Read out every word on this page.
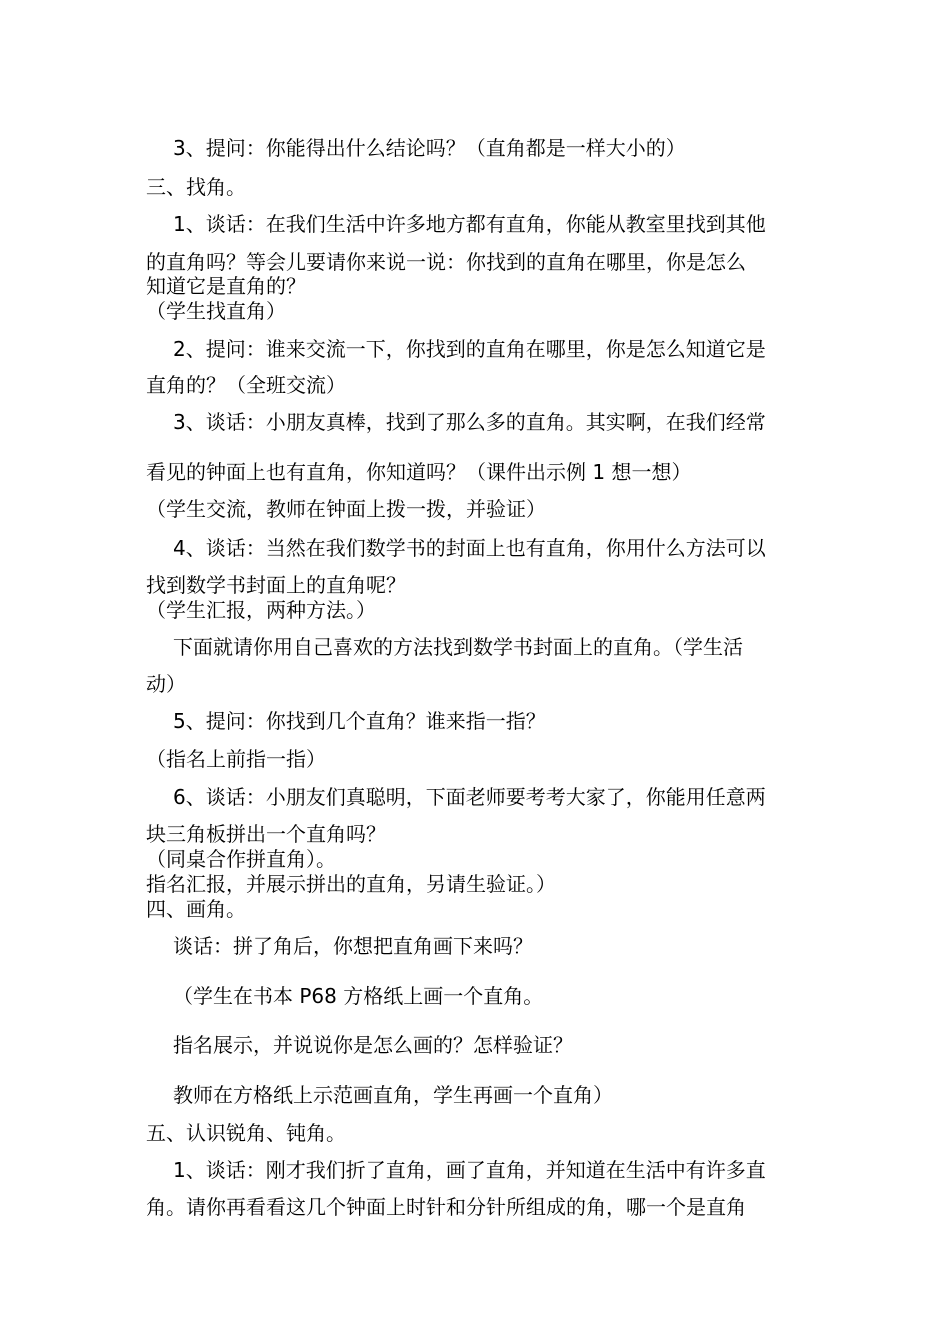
3、提问：你能得出什么结论吗？（直角都是一样大小的）
三、找角。
1、谈话：在我们生活中许多地方都有直角，你能从教室里找到其他
的直角吗？等会儿要请你来说一说：你找到的直角在哪里，你是怎么
知道它是直角的？
（学生找直角）
2、提问：谁来交流一下，你找到的直角在哪里，你是怎么知道它是
直角的？（全班交流）
3、谈话：小朋友真棒，找到了那么多的直角。其实啊，在我们经常
看见的钟面上也有直角，你知道吗？（课件出示例 1 想一想）
（学生交流，教师在钟面上拨一拨，并验证）
4、谈话：当然在我们数学书的封面上也有直角，你用什么方法可以
找到数学书封面上的直角呢？
（学生汇报，两种方法。）
下面就请你用自己喜欢的方法找到数学书封面上的直角。（学生活
动）
5、提问：你找到几个直角？谁来指一指？
（指名上前指一指）
6、谈话：小朋友们真聪明，下面老师要考考大家了，你能用任意两
块三角板拼出一个直角吗？
（同桌合作拼直角）。
指名汇报，并展示拼出的直角，另请生验证。）
四、画角。
谈话：拼了角后，你想把直角画下来吗？
（学生在书本 P68 方格纸上画一个直角。
指名展示，并说说你是怎么画的？怎样验证？
教师在方格纸上示范画直角，学生再画一个直角）
五、认识锐角、钝角。
1、谈话：刚才我们折了直角，画了直角，并知道在生活中有许多直
角。请你再看看这几个钟面上时针和分针所组成的角，哪一个是直角
